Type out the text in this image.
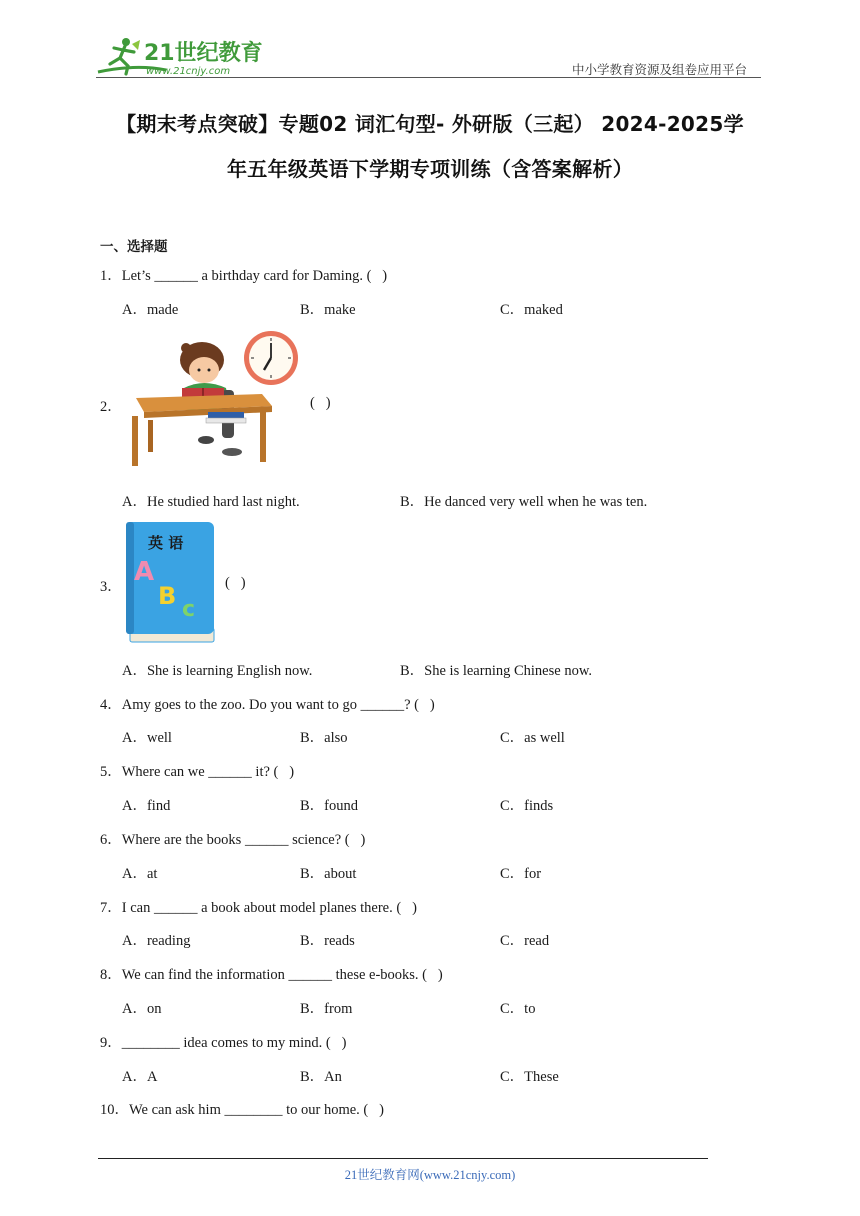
21世纪教育
www.21cnjy.com	中小学教育资源及组卷应用平台
【期末考点突破】专题02 词汇句型- 外研版（三起） 2024-2025学
年五年级英语下学期专项训练（含答案解析）
一、选择题
1．Let’s ______ a birthday card for Daming. (   )
A．made	B．make	C．maked
2．	(   )
A．He studied hard last night.	B．He danced very well when he was ten.
3．
英 语
A
B c
(   )
A．She is learning English now.	B．She is learning Chinese now.
4．Amy goes to the zoo. Do you want to go ______? (   )
A．well	B．also	C．as well
5．Where can we ______ it? (   )
A．find	B．found	C．finds
6．Where are the books ______ science? (   )
A．at	B．about	C．for
7．I can ______ a book about model planes there. (   )
A．reading	B．reads	C．read
8．We can find the information ______ these e-books. (   )
A．on	B．from	C．to
9．________ idea comes to my mind. (   )
A．A	B．An	C．These
10．We can ask him ________ to our home. (   )
21世纪教育网(www.21cnjy.com)
